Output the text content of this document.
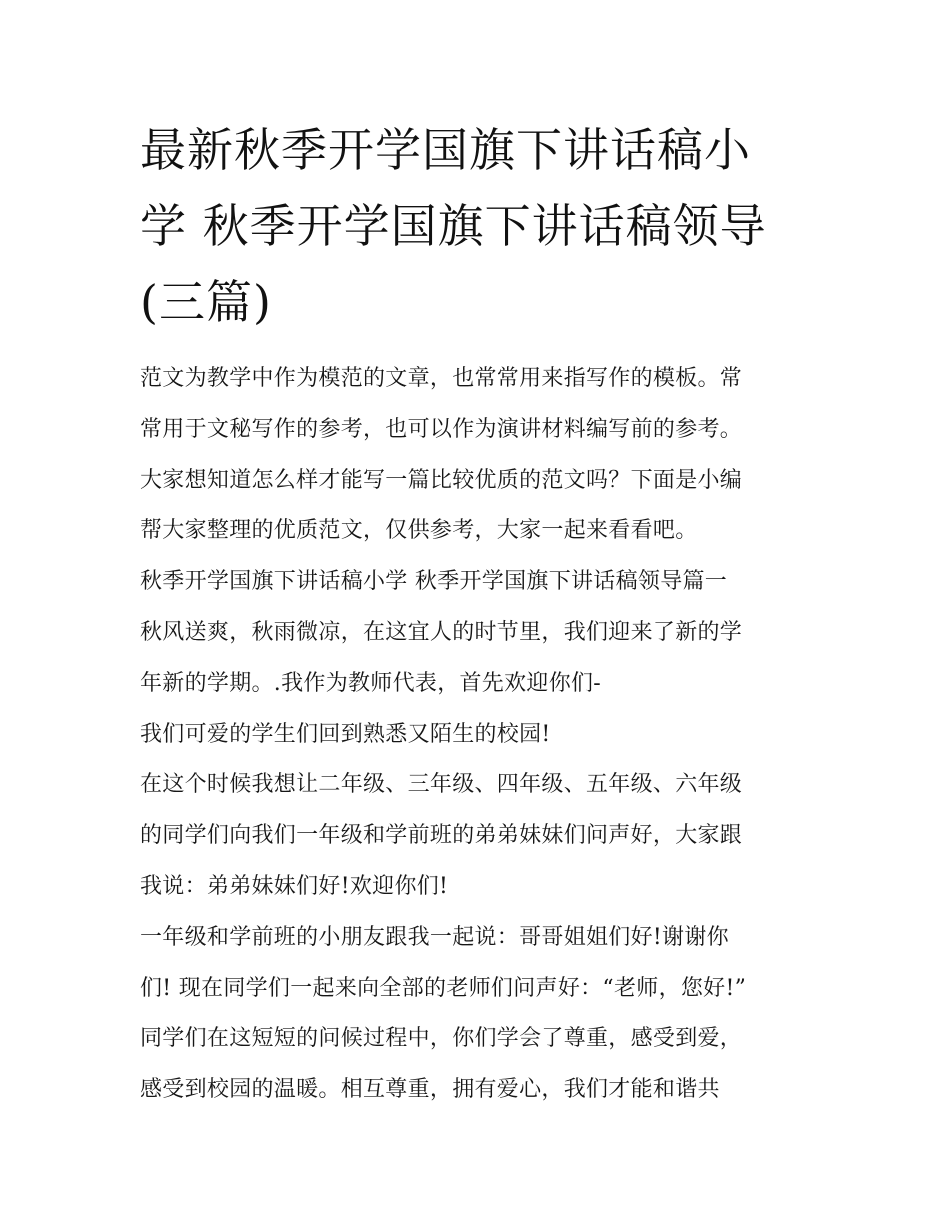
最新秋季开学国旗下讲话稿小
学 秋季开学国旗下讲话稿领导
(三篇)
范文为教学中作为模范的文章，也常常用来指写作的模板。常
常用于文秘写作的参考，也可以作为演讲材料编写前的参考。
大家想知道怎么样才能写一篇比较优质的范文吗？下面是小编
帮大家整理的优质范文，仅供参考，大家一起来看看吧。
秋季开学国旗下讲话稿小学 秋季开学国旗下讲话稿领导篇一
秋风送爽，秋雨微凉，在这宜人的时节里，我们迎来了新的学
年新的学期。.我作为教师代表，首先欢迎你们-
我们可爱的学生们回到熟悉又陌生的校园!
在这个时候我想让二年级、三年级、四年级、五年级、六年级
的同学们向我们一年级和学前班的弟弟妹妹们问声好，大家跟
我说：弟弟妹妹们好!欢迎你们!
一年级和学前班的小朋友跟我一起说：哥哥姐姐们好!谢谢你
们! 现在同学们一起来向全部的老师们问声好：“老师，您好!”
同学们在这短短的问候过程中，你们学会了尊重，感受到爱，
感受到校园的温暖。相互尊重，拥有爱心，我们才能和谐共
